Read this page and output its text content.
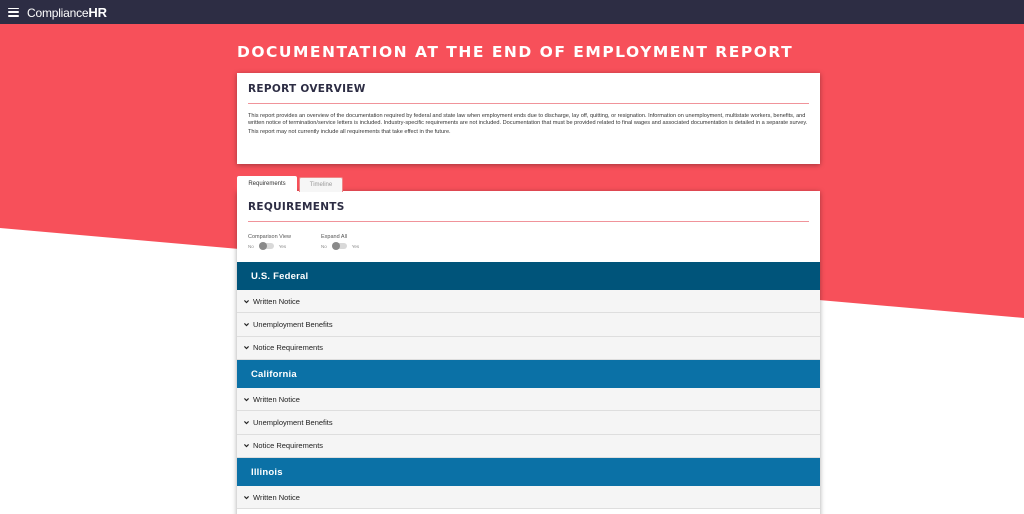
ComplianceHR
DOCUMENTATION AT THE END OF EMPLOYMENT REPORT
REPORT OVERVIEW

This report provides an overview of the documentation required by federal and state law when employment ends due to discharge, lay off, quitting, or resignation. Information on unemployment, multistate workers, benefits, and written notice of termination/service letters is included. Industry-specific requirements are not included. Documentation that must be provided related to final wages and associated documentation is detailed in a separate survey.

This report may not currently include all requirements that take effect in the future.

Requirements	Timeline
REQUIREMENTS
Comparison View
No	Yes
Expand All
No	Yes
U.S. Federal
Written Notice
Unemployment Benefits
Notice Requirements
California
Written Notice
Unemployment Benefits
Notice Requirements
Illinois
Written Notice
